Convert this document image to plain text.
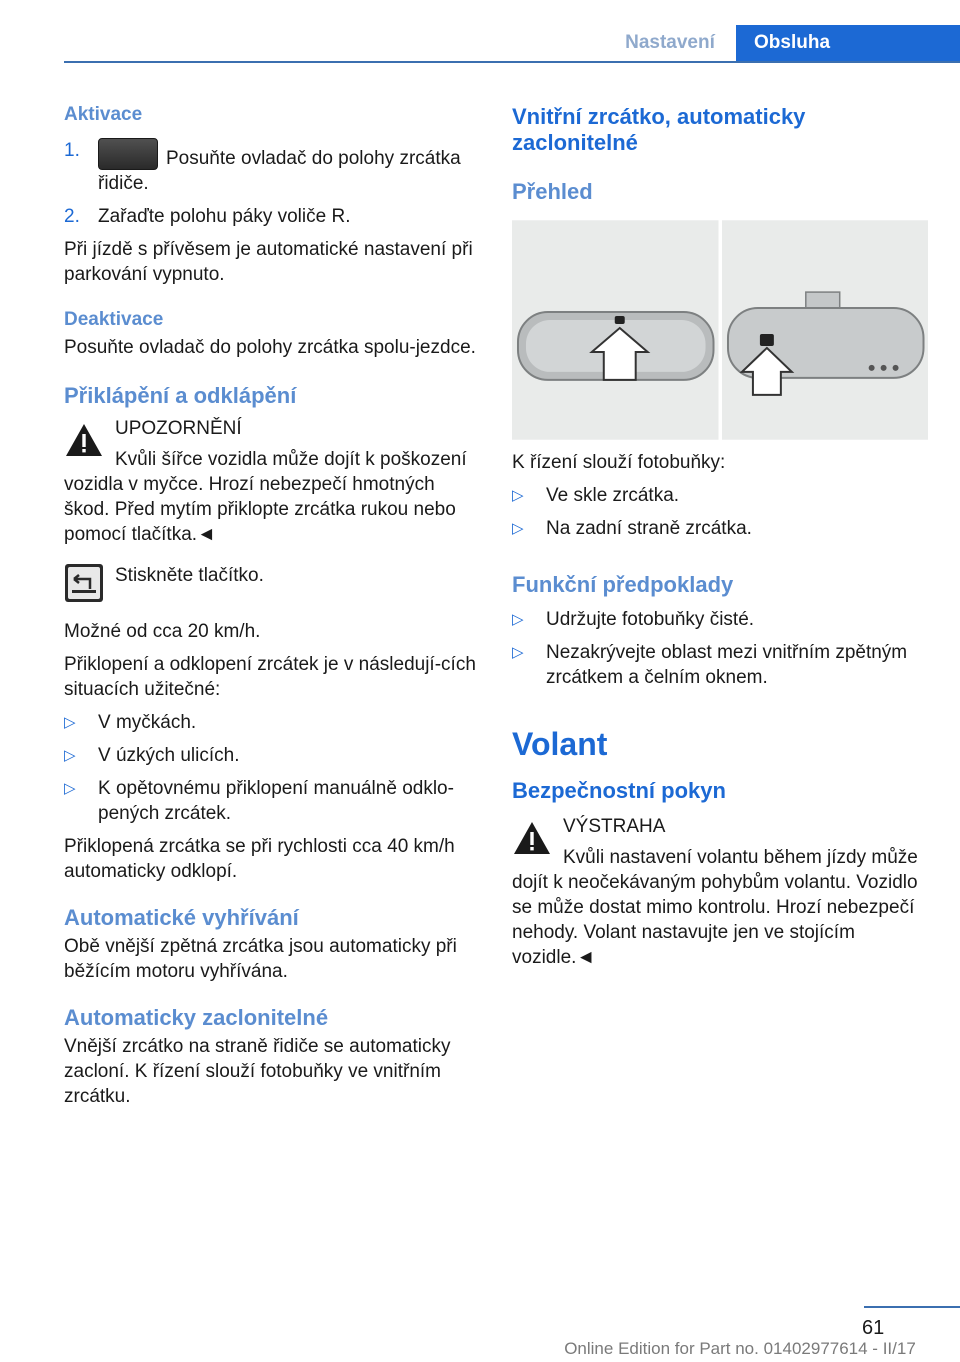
Nastavení	Obsluha
Aktivace
1.	Posuňte ovladač do polohy zrcátka řidiče.
2. Zařaďte polohu páky voliče R.

Při jízdě s přívěsem je automatické nastavení při parkování vypnuto.

Deaktivace

Posuňte ovladač do polohy zrcátka spolu‐jezdce.

Přiklápění a odklápění
UPOZORNĚNÍ

Kvůli šířce vozidla může dojít k poškození vozidla v myčce. Hrozí nebezpečí hmotných škod. Před mytím přiklopte zrcátka rukou nebo pomocí tlačítka.◄

Stiskněte tlačítko.

Možné od cca 20 km/h.

Přiklopení a odklopení zrcátek je v následují‐cích situacích užitečné:

▷	V myčkách.
▷	V úzkých ulicích.
▷	K opětovnému přiklopení manuálně odklo‐pených zrcátek.

Přiklopená zrcátka se při rychlosti cca 40 km/h automaticky odklopí.

Automatické vyhřívání

Obě vnější zpětná zrcátka jsou automaticky při běžícím motoru vyhřívána.

Automaticky zaclonitelné

Vnější zrcátko na straně řidiče se automaticky zacloní. K řízení slouží fotobuňky ve vnitřním zrcátku.

Vnitřní zrcátko, automaticky zaclonitelné
Přehled

K řízení slouží fotobuňky:

▷	Ve skle zrcátka.
▷	Na zadní straně zrcátka.
Funkční předpoklady
▷	Udržujte fotobuňky čisté.
▷	Nezakrývejte oblast mezi vnitřním zpětným zrcátkem a čelním oknem.
Volant
Bezpečnostní pokyn
VÝSTRAHA

Kvůli nastavení volantu během jízdy může dojít k neočekávaným pohybům volantu. Vozidlo se může dostat mimo kontrolu. Hrozí nebezpečí nehody. Volant nastavujte jen ve stojícím vozidle.◄

61
Online Edition for Part no. 01402977614 - II/17
